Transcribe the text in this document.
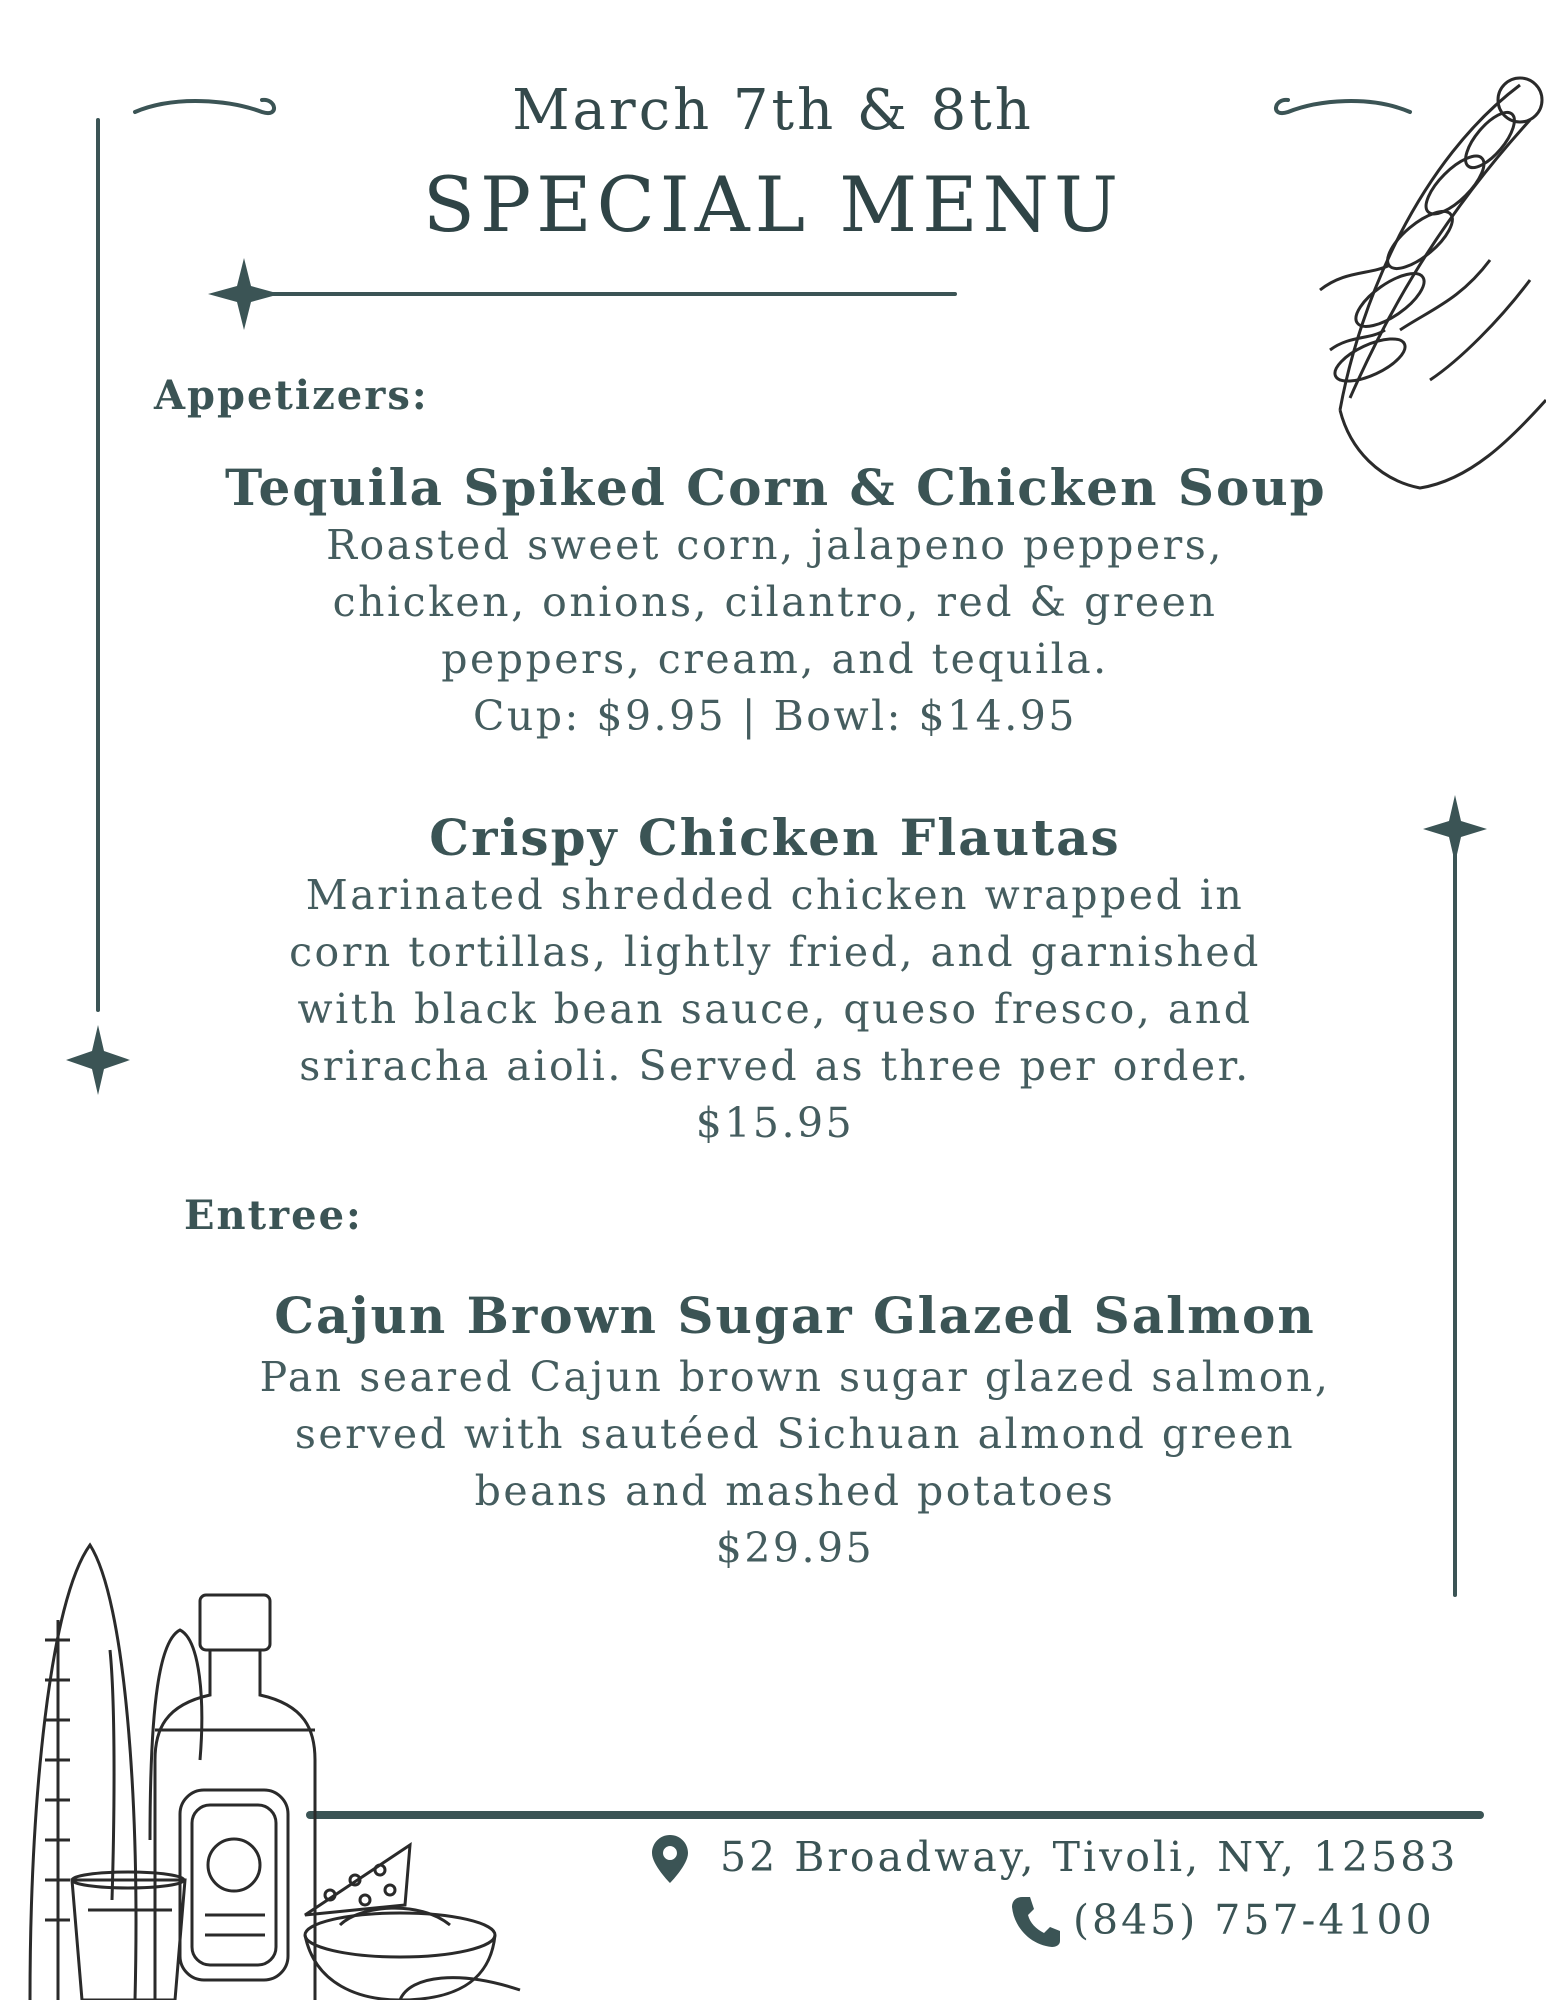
March 7th & 8th
SPECIAL MENU
Appetizers:
Tequila Spiked Corn & Chicken Soup
Roasted sweet corn, jalapeno peppers,
chicken, onions, cilantro, red & green
peppers, cream, and tequila.
Cup: $9.95 | Bowl: $14.95
Crispy Chicken Flautas
Marinated shredded chicken wrapped in
corn tortillas, lightly fried, and garnished
with black bean sauce, queso fresco, and
sriracha aioli. Served as three per order.
$15.95
Entree:
Cajun Brown Sugar Glazed Salmon
Pan seared Cajun brown sugar glazed salmon,
served with sautéed Sichuan almond green
beans and mashed potatoes
$29.95
52 Broadway, Tivoli, NY, 12583
(845) 757-4100
